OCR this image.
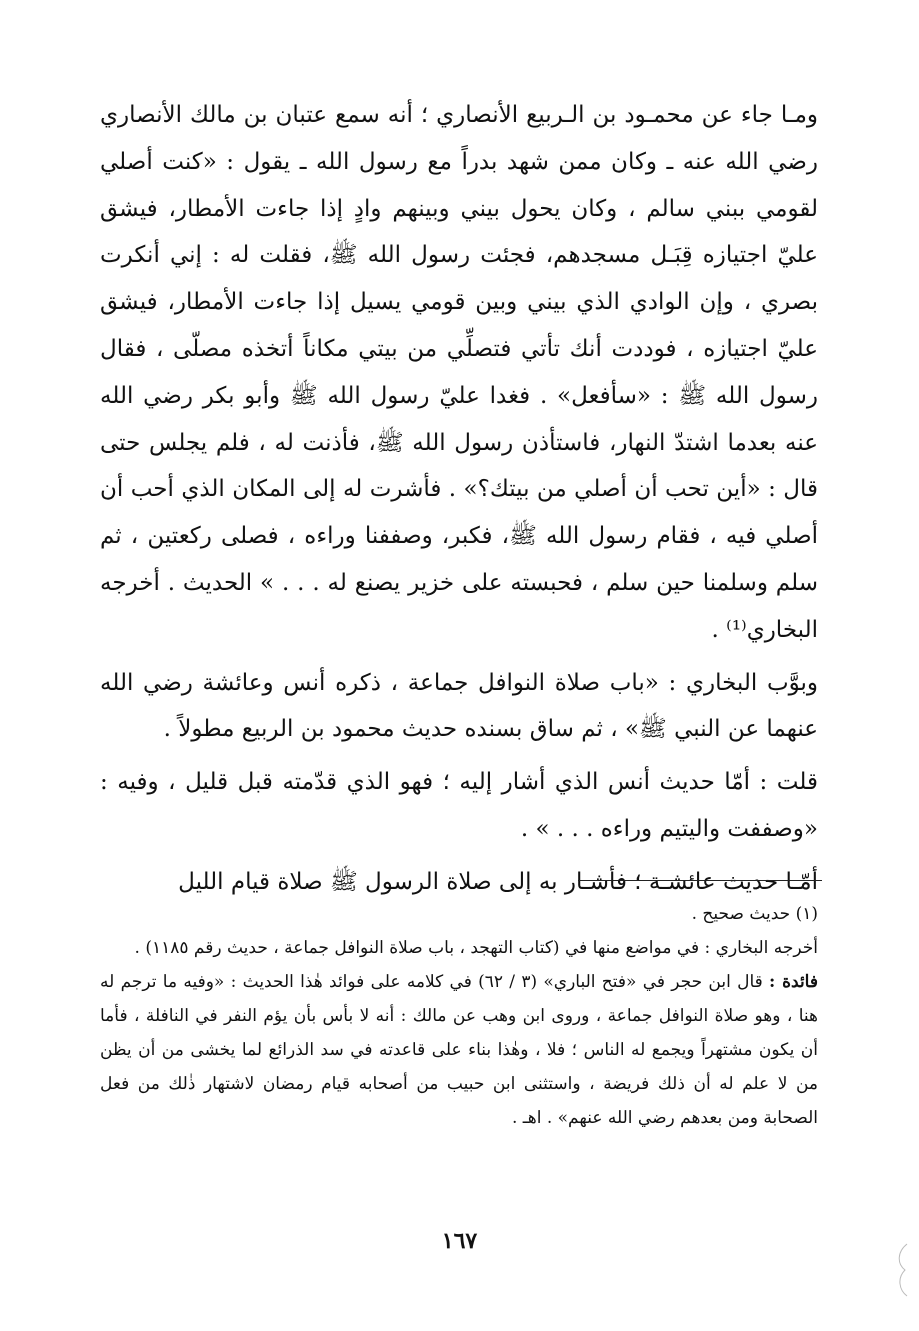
ومـا جاء عن محمـود بن الـربيع الأنصاري ؛ أنه سمع عتبان بن مالك الأنصاري رضي الله عنه ـ وكان ممن شهد بدراً مع رسول الله ـ يقول : «كنت أصلي لقومي ببني سالم ، وكان يحول بيني وبينهم وادٍ إذا جاءت الأمطار، فيشق عليّ اجتيازه قِبَـل مسجدهم، فجئت رسول الله ﷺ، فقلت له : إني أنكرت بصري ، وإن الوادي الذي بيني وبين قومي يسيل إذا جاءت الأمطار، فيشق عليّ اجتيازه ، فوددت أنك تأتي فتصلِّي من بيتي مكاناً أتخذه مصلّى ، فقال رسول الله ﷺ : «سأفعل» . فغدا عليّ رسول الله ﷺ وأبو بكر رضي الله عنه بعدما اشتدّ النهار، فاستأذن رسول الله ﷺ، فأذنت له ، فلم يجلس حتى قال : «أين تحب أن أصلي من بيتك؟» . فأشرت له إلى المكان الذي أحب أن أصلي فيه ، فقام رسول الله ﷺ، فكبر، وصففنا وراءه ، فصلى ركعتين ، ثم سلم وسلمنا حين سلم ، فحبسته على خزير يصنع له . . . » الحديث . أخرجه البخاري⁽¹⁾ .

وبوَّب البخاري : «باب صلاة النوافل جماعة ، ذكره أنس وعائشة رضي الله عنهما عن النبي ﷺ» ، ثم ساق بسنده حديث محمود بن الربيع مطولاً .

قلت : أمّا حديث أنس الذي أشار إليه ؛ فهو الذي قدّمته قبل قليل ، وفيه : «وصففت واليتيم وراءه . . . » .

أمّـا حديث عائشـة ؛ فأشـار به إلى صلاة الرسول ﷺ صلاة قيام الليل

(١) حديث صحيح .

أخرجه البخاري : في مواضع منها في (كتاب التهجد ، باب صلاة النوافل جماعة ، حديث رقم ١١٨٥) .

فائدة : قال ابن حجر في «فتح الباري» (٣ / ٦٢) في كلامه على فوائد هٰذا الحديث : «وفيه ما ترجم له هنا ، وهو صلاة النوافل جماعة ، وروى ابن وهب عن مالك : أنه لا بأس بأن يؤم النفر في النافلة ، فأما أن يكون مشتهراً ويجمع له الناس ؛ فلا ، وهٰذا بناء على قاعدته في سد الذرائع لما يخشى من أن يظن من لا علم له أن ذلك فريضة ، واستثنى ابن حبيب من أصحابه قيام رمضان لاشتهار ذٰلك من فعل الصحابة ومن بعدهم رضي الله عنهم» . اهـ .

١٦٧
